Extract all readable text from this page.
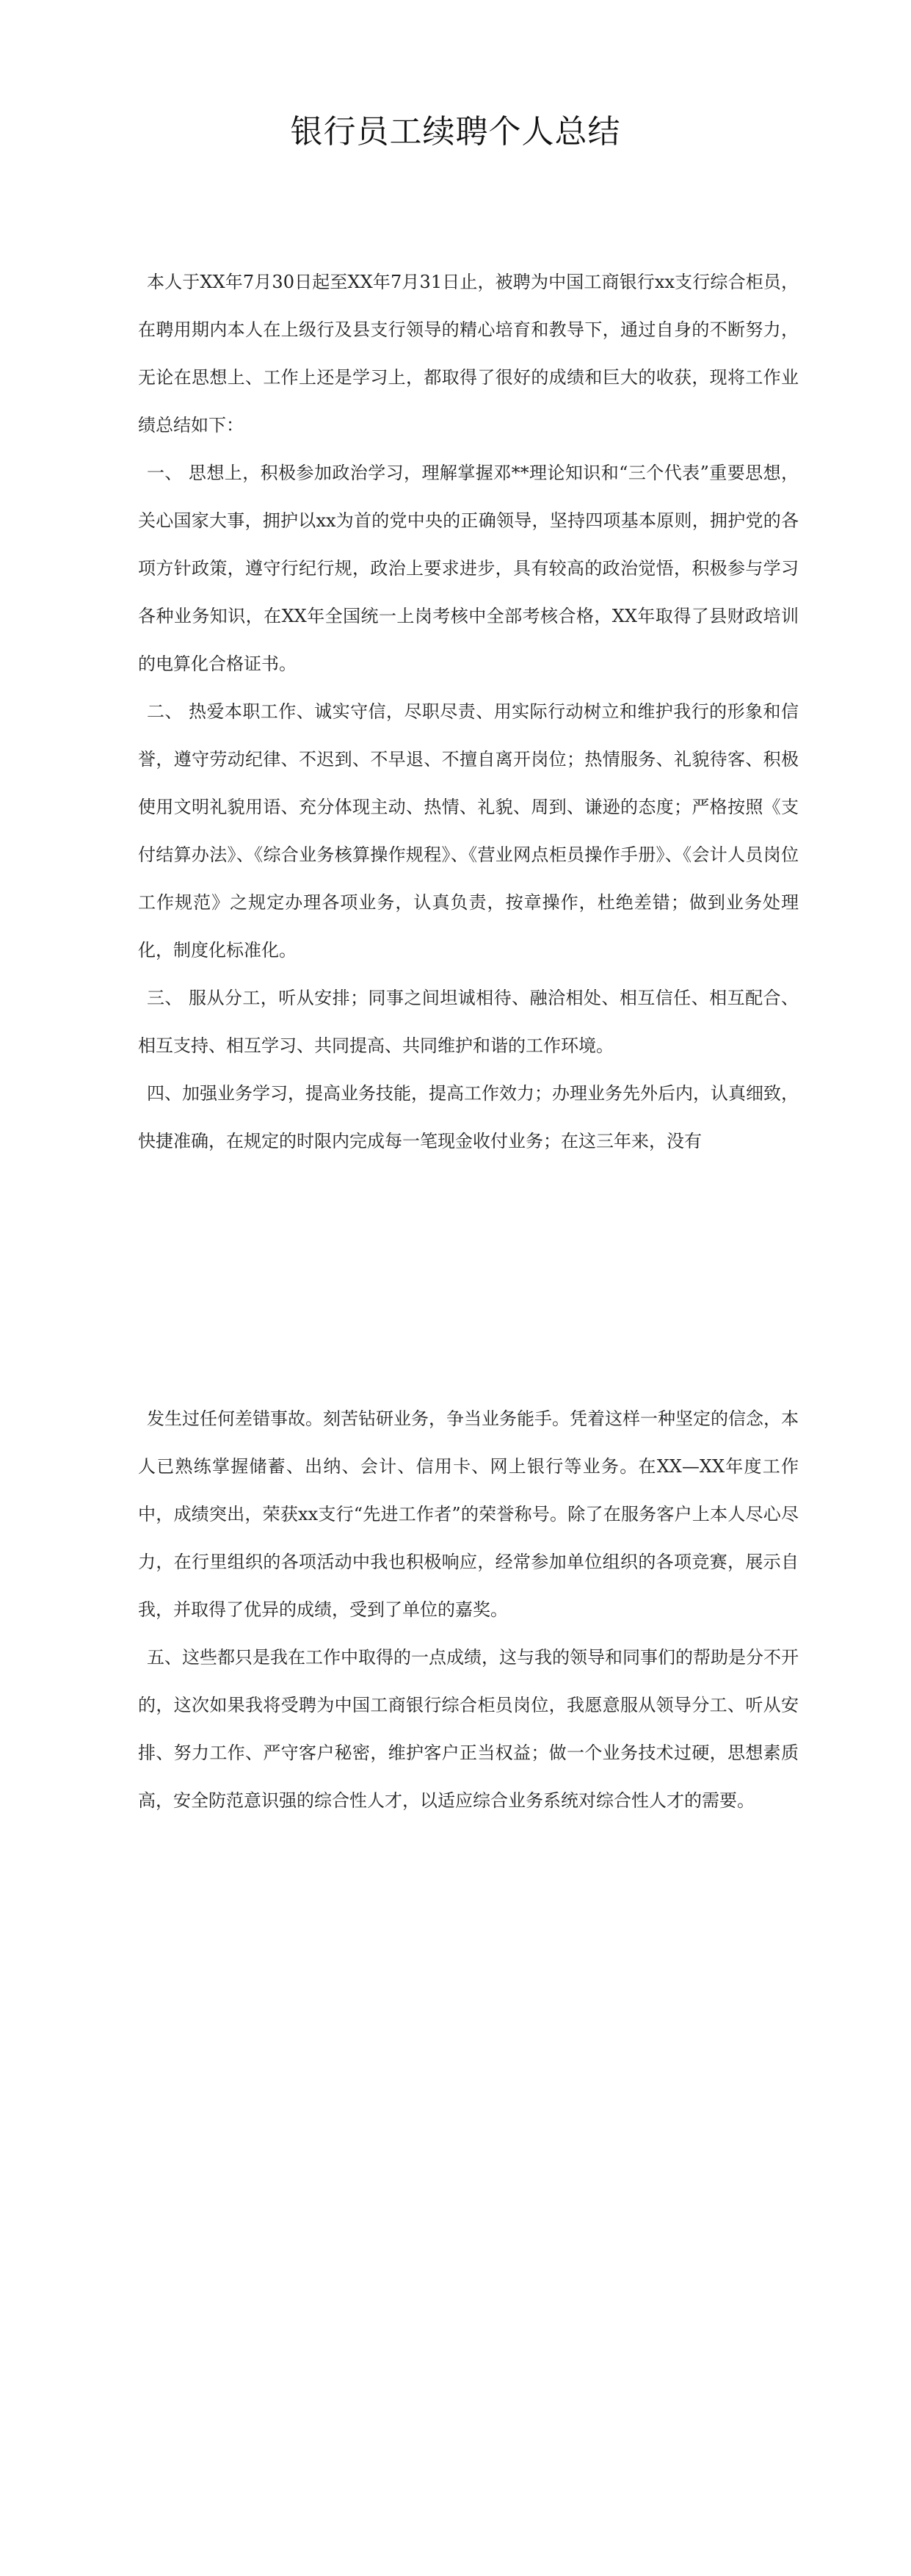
银行员工续聘个人总结

本人于XX年7月30日起至XX年7月31日止，被聘为中国工商银行xx支行综合柜员，在聘用期内本人在上级行及县支行领导的精心培育和教导下，通过自身的不断努力，无论在思想上、工作上还是学习上，都取得了很好的成绩和巨大的收获，现将工作业绩总结如下：

一、 思想上，积极参加政治学习，理解掌握邓**理论知识和“三个代表”重要思想，关心国家大事，拥护以xx为首的党中央的正确领导，坚持四项基本原则，拥护党的各项方针政策，遵守行纪行规，政治上要求进步，具有较高的政治觉悟，积极参与学习各种业务知识，在XX年全国统一上岗考核中全部考核合格，XX年取得了县财政培训的电算化合格证书。

二、 热爱本职工作、诚实守信，尽职尽责、用实际行动树立和维护我行的形象和信誉，遵守劳动纪律、不迟到、不早退、不擅自离开岗位；热情服务、礼貌待客、积极使用文明礼貌用语、充分体现主动、热情、礼貌、周到、谦逊的态度；严格按照《支付结算办法》、《综合业务核算操作规程》、《营业网点柜员操作手册》、《会计人员岗位工作规范》之规定办理各项业务，认真负责，按章操作，杜绝差错；做到业务处理化，制度化标准化。

三、 服从分工，听从安排；同事之间坦诚相待、融洽相处、相互信任、相互配合、相互支持、相互学习、共同提高、共同维护和谐的工作环境。

四、加强业务学习，提高业务技能，提高工作效力；办理业务先外后内，认真细致，快捷准确，在规定的时限内完成每一笔现金收付业务；在这三年来，没有

发生过任何差错事故。刻苦钻研业务，争当业务能手。凭着这样一种坚定的信念，本人已熟练掌握储蓄、出纳、会计、信用卡、网上银行等业务。在XX—XX年度工作中，成绩突出，荣获xx支行“先进工作者”的荣誉称号。除了在服务客户上本人尽心尽力，在行里组织的各项活动中我也积极响应，经常参加单位组织的各项竞赛，展示自我，并取得了优异的成绩，受到了单位的嘉奖。

五、这些都只是我在工作中取得的一点成绩，这与我的领导和同事们的帮助是分不开的，这次如果我将受聘为中国工商银行综合柜员岗位，我愿意服从领导分工、听从安排、努力工作、严守客户秘密，维护客户正当权益；做一个业务技术过硬，思想素质高，安全防范意识强的综合性人才，以适应综合业务系统对综合性人才的需要。
